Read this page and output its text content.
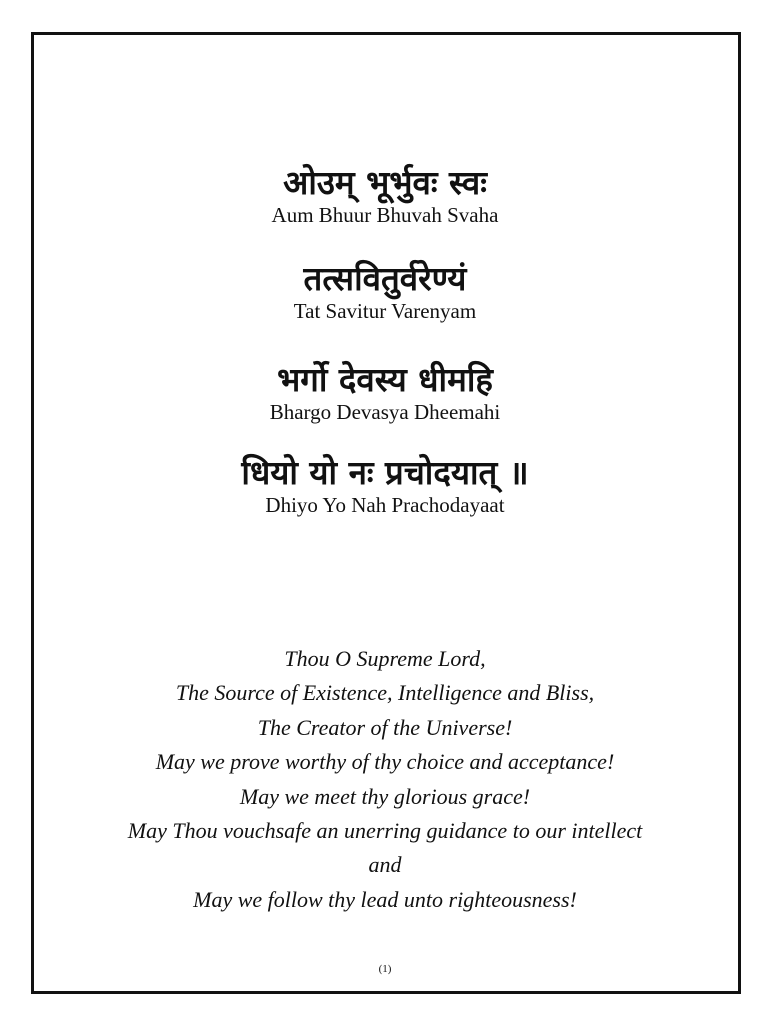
ओउम् भूर्भुवः स्वः
Aum Bhuur Bhuvah Svaha
तत्सवितुर्वरेण्यं
Tat Savitur Varenyam
भर्गो देवस्य धीमहि
Bhargo Devasya Dheemahi
धियो यो नः प्रचोदयात् ॥
Dhiyo Yo Nah Prachodayaat
Thou O Supreme Lord,
The Source of Existence, Intelligence and Bliss,
The Creator of the Universe!
May we prove worthy of thy choice and acceptance!
May we meet thy glorious grace!
May Thou vouchsafe an unerring guidance to our intellect
and
May we follow thy lead unto righteousness!
(1)
